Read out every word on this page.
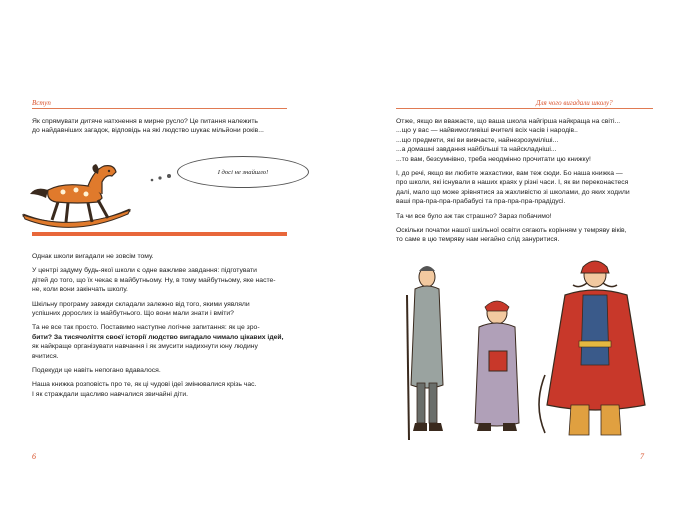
Вступ

Як спрямувати дитяче натхнення в мирне русло? Це питання належить

до найдавніших загадок, відповідь на які людство шукає мільйони років...

І досі не знайшло!

Однак школи вигадали не зовсім тому.

У центрі задуму будь-якої школи є одне важливе завдання: підготувати

дітей до того, що їх чекає в майбутньому. Ну, в тому майбутньому, яке насте-

не, коли вони закінчать школу.

Шкільну програму завжди складали залежно від того, якими уявляли

успішних дорослих із майбутнього. Що вони мали знати і вміти?

Та не все так просто. Поставимо наступне логічне запитання: як це зро-

бити? За тисячоліття своєї історії людство вигадало чимало цікавих ідей,

як найкраще організувати навчання і як змусити надихнути юну людину

вчитися.

Подекуди це навіть непогано вдавалося.

Наша книжка розповість про те, як ці чудові ідеї змінювалися крізь час.

І як страждали щасливо навчалися звичайні діти.

6
Для чого вигадали школу?

Отже, якщо ви вважаєте, що ваша школа найгірша найкраща на світі...

...що у вас — найвимогливіші вчителі всіх часів і народів..

...що предмети, які ви вивчаєте, найнезрозуміліші...

...а домашні завдання найбільші та найскладніші...

...то вам, безсумнівно, треба неодмінно прочитати цю книжку!

І, до речі, якщо ви любите жахастики, вам теж сюди. Бо наша книжка —

про школи, які існували в наших краях у різні часи. І, як ви переконаєтеся

далі, мало що може зрівнятися за жахливістю зі школами, до яких ходили

ваші пра-пра-пра-прабабусі та пра-пра-пра-прадідусі.

Та чи все було аж так страшно? Зараз побачимо!

Оскільки початки нашої шкільної освіти сягають корінням у темряву віків,

то саме в цю темряву нам негайно слід зануритися.

7
